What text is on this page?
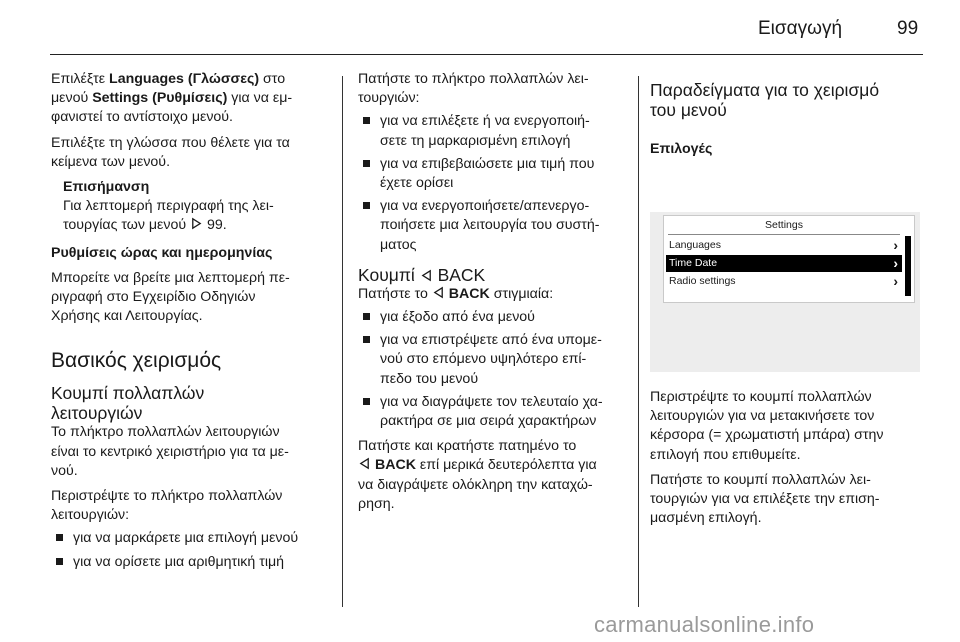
Εισαγωγή	99

Επιλέξτε Languages (Γλώσσες) στο
μενού Settings (Ρυθμίσεις) για να εμ-
φανιστεί το αντίστοιχο μενού.

Επιλέξτε τη γλώσσα που θέλετε για τα
κείμενα των μενού.

Επισήμανση
Για λεπτομερή περιγραφή της λει-
τουργίας των μενού 99.

Ρυθμίσεις ώρας και ημερομηνίας

Μπορείτε να βρείτε μια λεπτομερή πε-
ριγραφή στο Εγχειρίδιο Οδηγιών
Χρήσης και Λειτουργίας.

Βασικός χειρισμός
Κουμπί πολλαπλών
λειτουργιών

Το πλήκτρο πολλαπλών λειτουργιών
είναι το κεντρικό χειριστήριο για τα με-
νού.

Περιστρέψτε το πλήκτρο πολλαπλών
λειτουργιών:

για να μαρκάρετε μια επιλογή μενού
για να ορίσετε μια αριθμητική τιμή

Πατήστε το πλήκτρο πολλαπλών λει-
τουργιών:

για να επιλέξετε ή να ενεργοποιή-
σετε τη μαρκαρισμένη επιλογή
για να επιβεβαιώσετε μια τιμή που
έχετε ορίσει
για να ενεργοποιήσετε/απενεργο-
ποιήσετε μια λειτουργία του συστή-
ματος
Κουμπί BACK

Πατήστε το BACK στιγμιαία:

για έξοδο από ένα μενού
για να επιστρέψετε από ένα υπομε-
νού στο επόμενο υψηλότερο επί-
πεδο του μενού
για να διαγράψετε τον τελευταίο χα-
ρακτήρα σε μια σειρά χαρακτήρων

Πατήστε και κρατήστε πατημένο το
BACK επί μερικά δευτερόλεπτα για
να διαγράψετε ολόκληρη την καταχώ-
ρηση.

Παραδείγματα για το χειρισμό
του μενού

Επιλογές

Settings
Languages	›
Time Date	›
Radio settings	›

Περιστρέψτε το κουμπί πολλαπλών
λειτουργιών για να μετακινήσετε τον
κέρσορα (= χρωματιστή μπάρα) στην
επιλογή που επιθυμείτε.

Πατήστε το κουμπί πολλαπλών λει-
τουργιών για να επιλέξετε την επιση-
μασμένη επιλογή.

carmanualsonline.info
